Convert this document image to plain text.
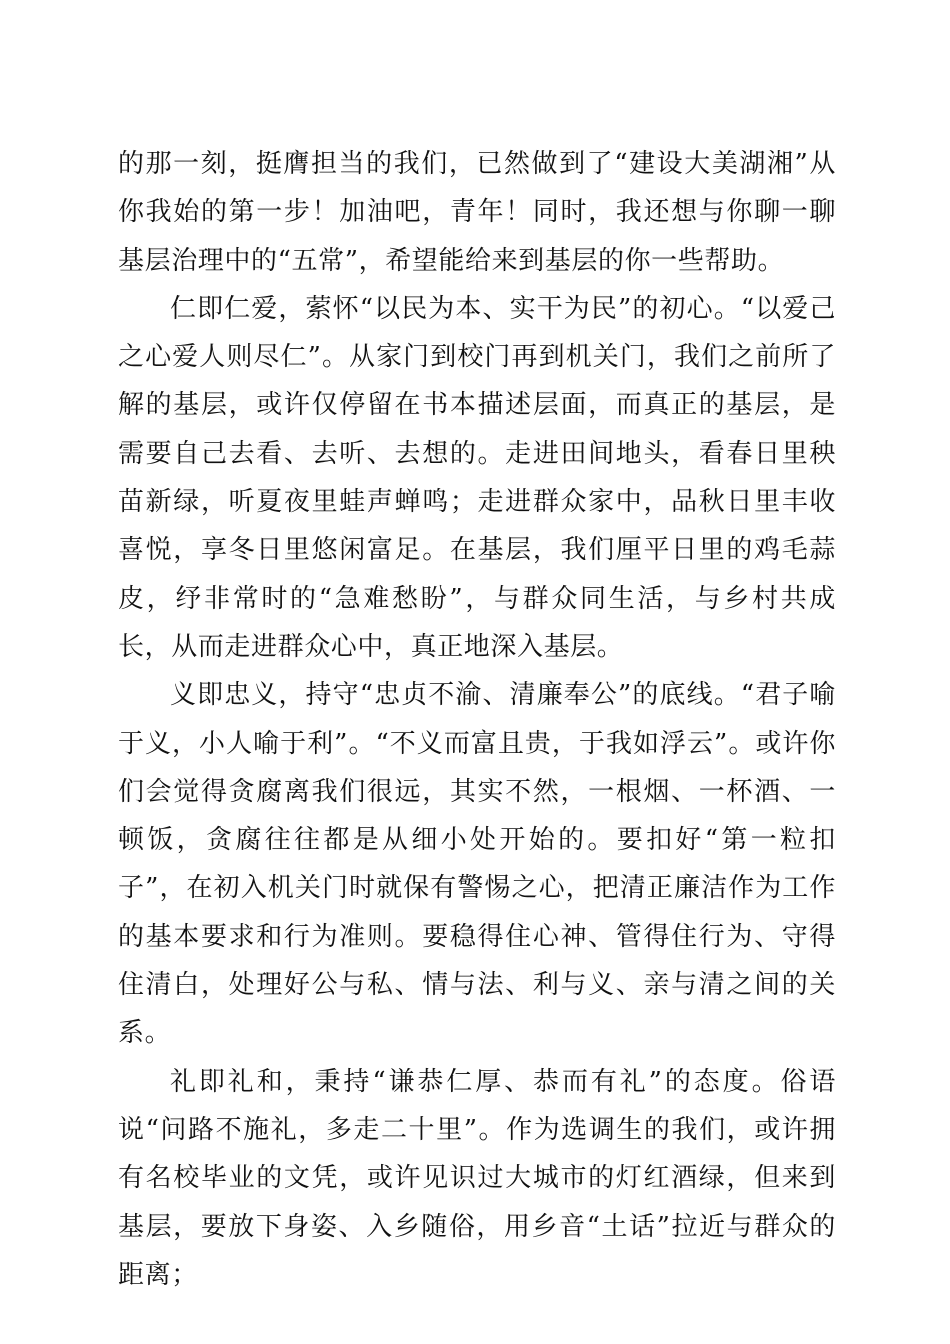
的那一刻，挺膺担当的我们，已然做到了“建设大美湖湘”从你我始的第一步！加油吧，青年！同时，我还想与你聊一聊基层治理中的“五常”，希望能给来到基层的你一些帮助。

仁即仁爱，萦怀“以民为本、实干为民”的初心。“以爱己之心爱人则尽仁”。从家门到校门再到机关门，我们之前所了解的基层，或许仅停留在书本描述层面，而真正的基层，是需要自己去看、去听、去想的。走进田间地头，看春日里秧苗新绿，听夏夜里蛙声蝉鸣；走进群众家中，品秋日里丰收喜悦，享冬日里悠闲富足。在基层，我们厘平日里的鸡毛蒜皮，纾非常时的“急难愁盼”，与群众同生活，与乡村共成长，从而走进群众心中，真正地深入基层。

义即忠义，持守“忠贞不渝、清廉奉公”的底线。“君子喻于义，小人喻于利”。“不义而富且贵，于我如浮云”。或许你们会觉得贪腐离我们很远，其实不然，一根烟、一杯酒、一顿饭，贪腐往往都是从细小处开始的。要扣好“第一粒扣子”，在初入机关门时就保有警惕之心，把清正廉洁作为工作的基本要求和行为准则。要稳得住心神、管得住行为、守得住清白，处理好公与私、情与法、利与义、亲与清之间的关系。

礼即礼和，秉持“谦恭仁厚、恭而有礼”的态度。俗语说“问路不施礼，多走二十里”。作为选调生的我们，或许拥有名校毕业的文凭，或许见识过大城市的灯红酒绿，但来到基层，要放下身姿、入乡随俗，用乡音“土话”拉近与群众的距离；
